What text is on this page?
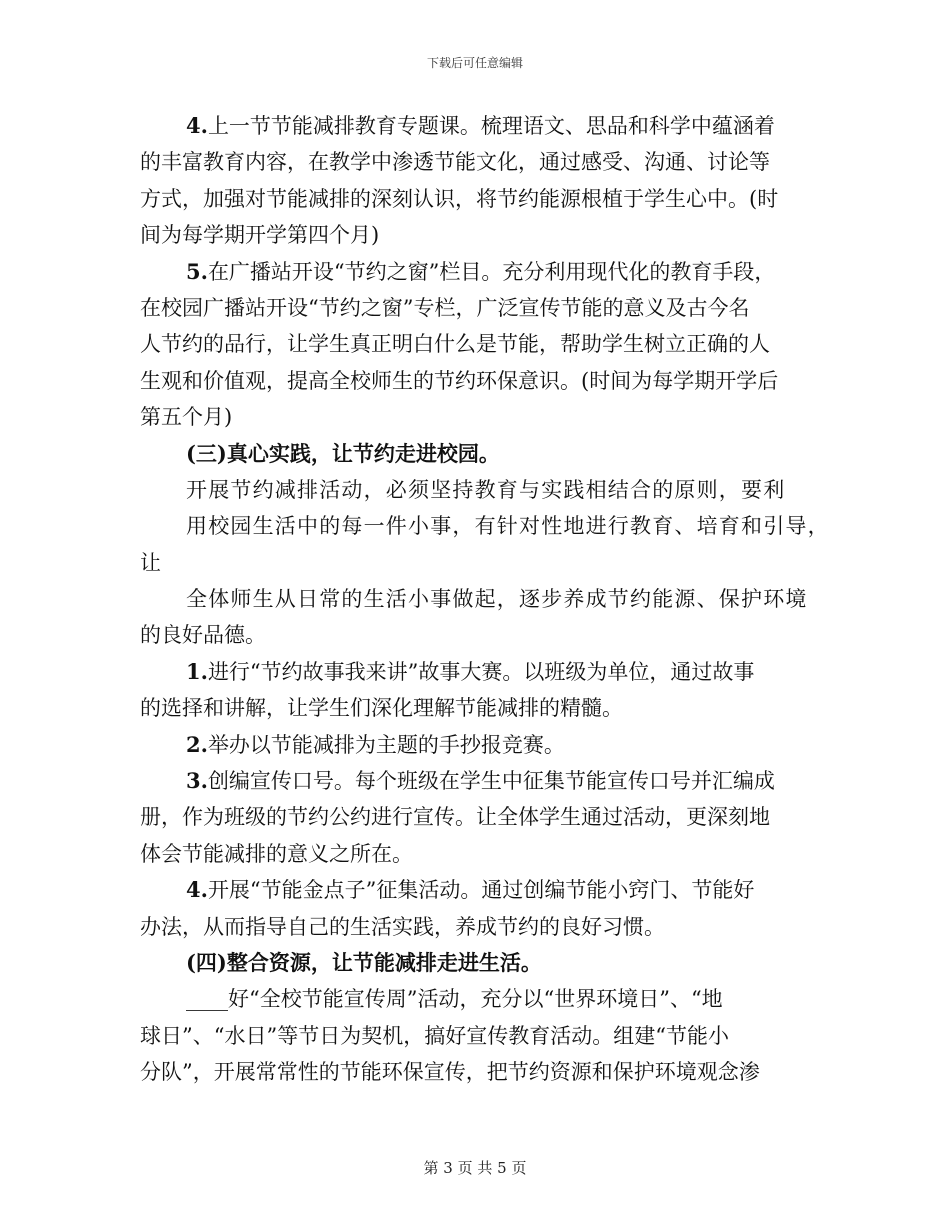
下载后可任意编辑
4.上一节节能减排教育专题课。梳理语文、思品和科学中蕴涵着
的丰富教育内容，在教学中渗透节能文化，通过感受、沟通、讨论等
方式，加强对节能减排的深刻认识，将节约能源根植于学生心中。(时
间为每学期开学第四个月)
5.在广播站开设“节约之窗”栏目。充分利用现代化的教育手段，
在校园广播站开设“节约之窗”专栏，广泛宣传节能的意义及古今名
人节约的品行，让学生真正明白什么是节能，帮助学生树立正确的人
生观和价值观，提高全校师生的节约环保意识。(时间为每学期开学后
第五个月)
(三)真心实践，让节约走进校园。
开展节约减排活动，必须坚持教育与实践相结合的原则，要利
用校园生活中的每一件小事，有针对性地进行教育、培育和引导，
让
全体师生从日常的生活小事做起，逐步养成节约能源、保护环境
的良好品德。
1.进行“节约故事我来讲”故事大赛。以班级为单位，通过故事
的选择和讲解，让学生们深化理解节能减排的精髓。
2.举办以节能减排为主题的手抄报竞赛。
3.创编宣传口号。每个班级在学生中征集节能宣传口号并汇编成
册，作为班级的节约公约进行宣传。让全体学生通过活动，更深刻地
体会节能减排的意义之所在。
4.开展“节能金点子”征集活动。通过创编节能小窍门、节能好
办法，从而指导自己的生活实践，养成节约的良好习惯。
(四)整合资源，让节能减排走进生活。
____好“全校节能宣传周”活动，充分以“世界环境日”、“地
球日”、“水日”等节日为契机，搞好宣传教育活动。组建“节能小
分队”，开展常常性的节能环保宣传，把节约资源和保护环境观念渗
第 3 页 共 5 页
